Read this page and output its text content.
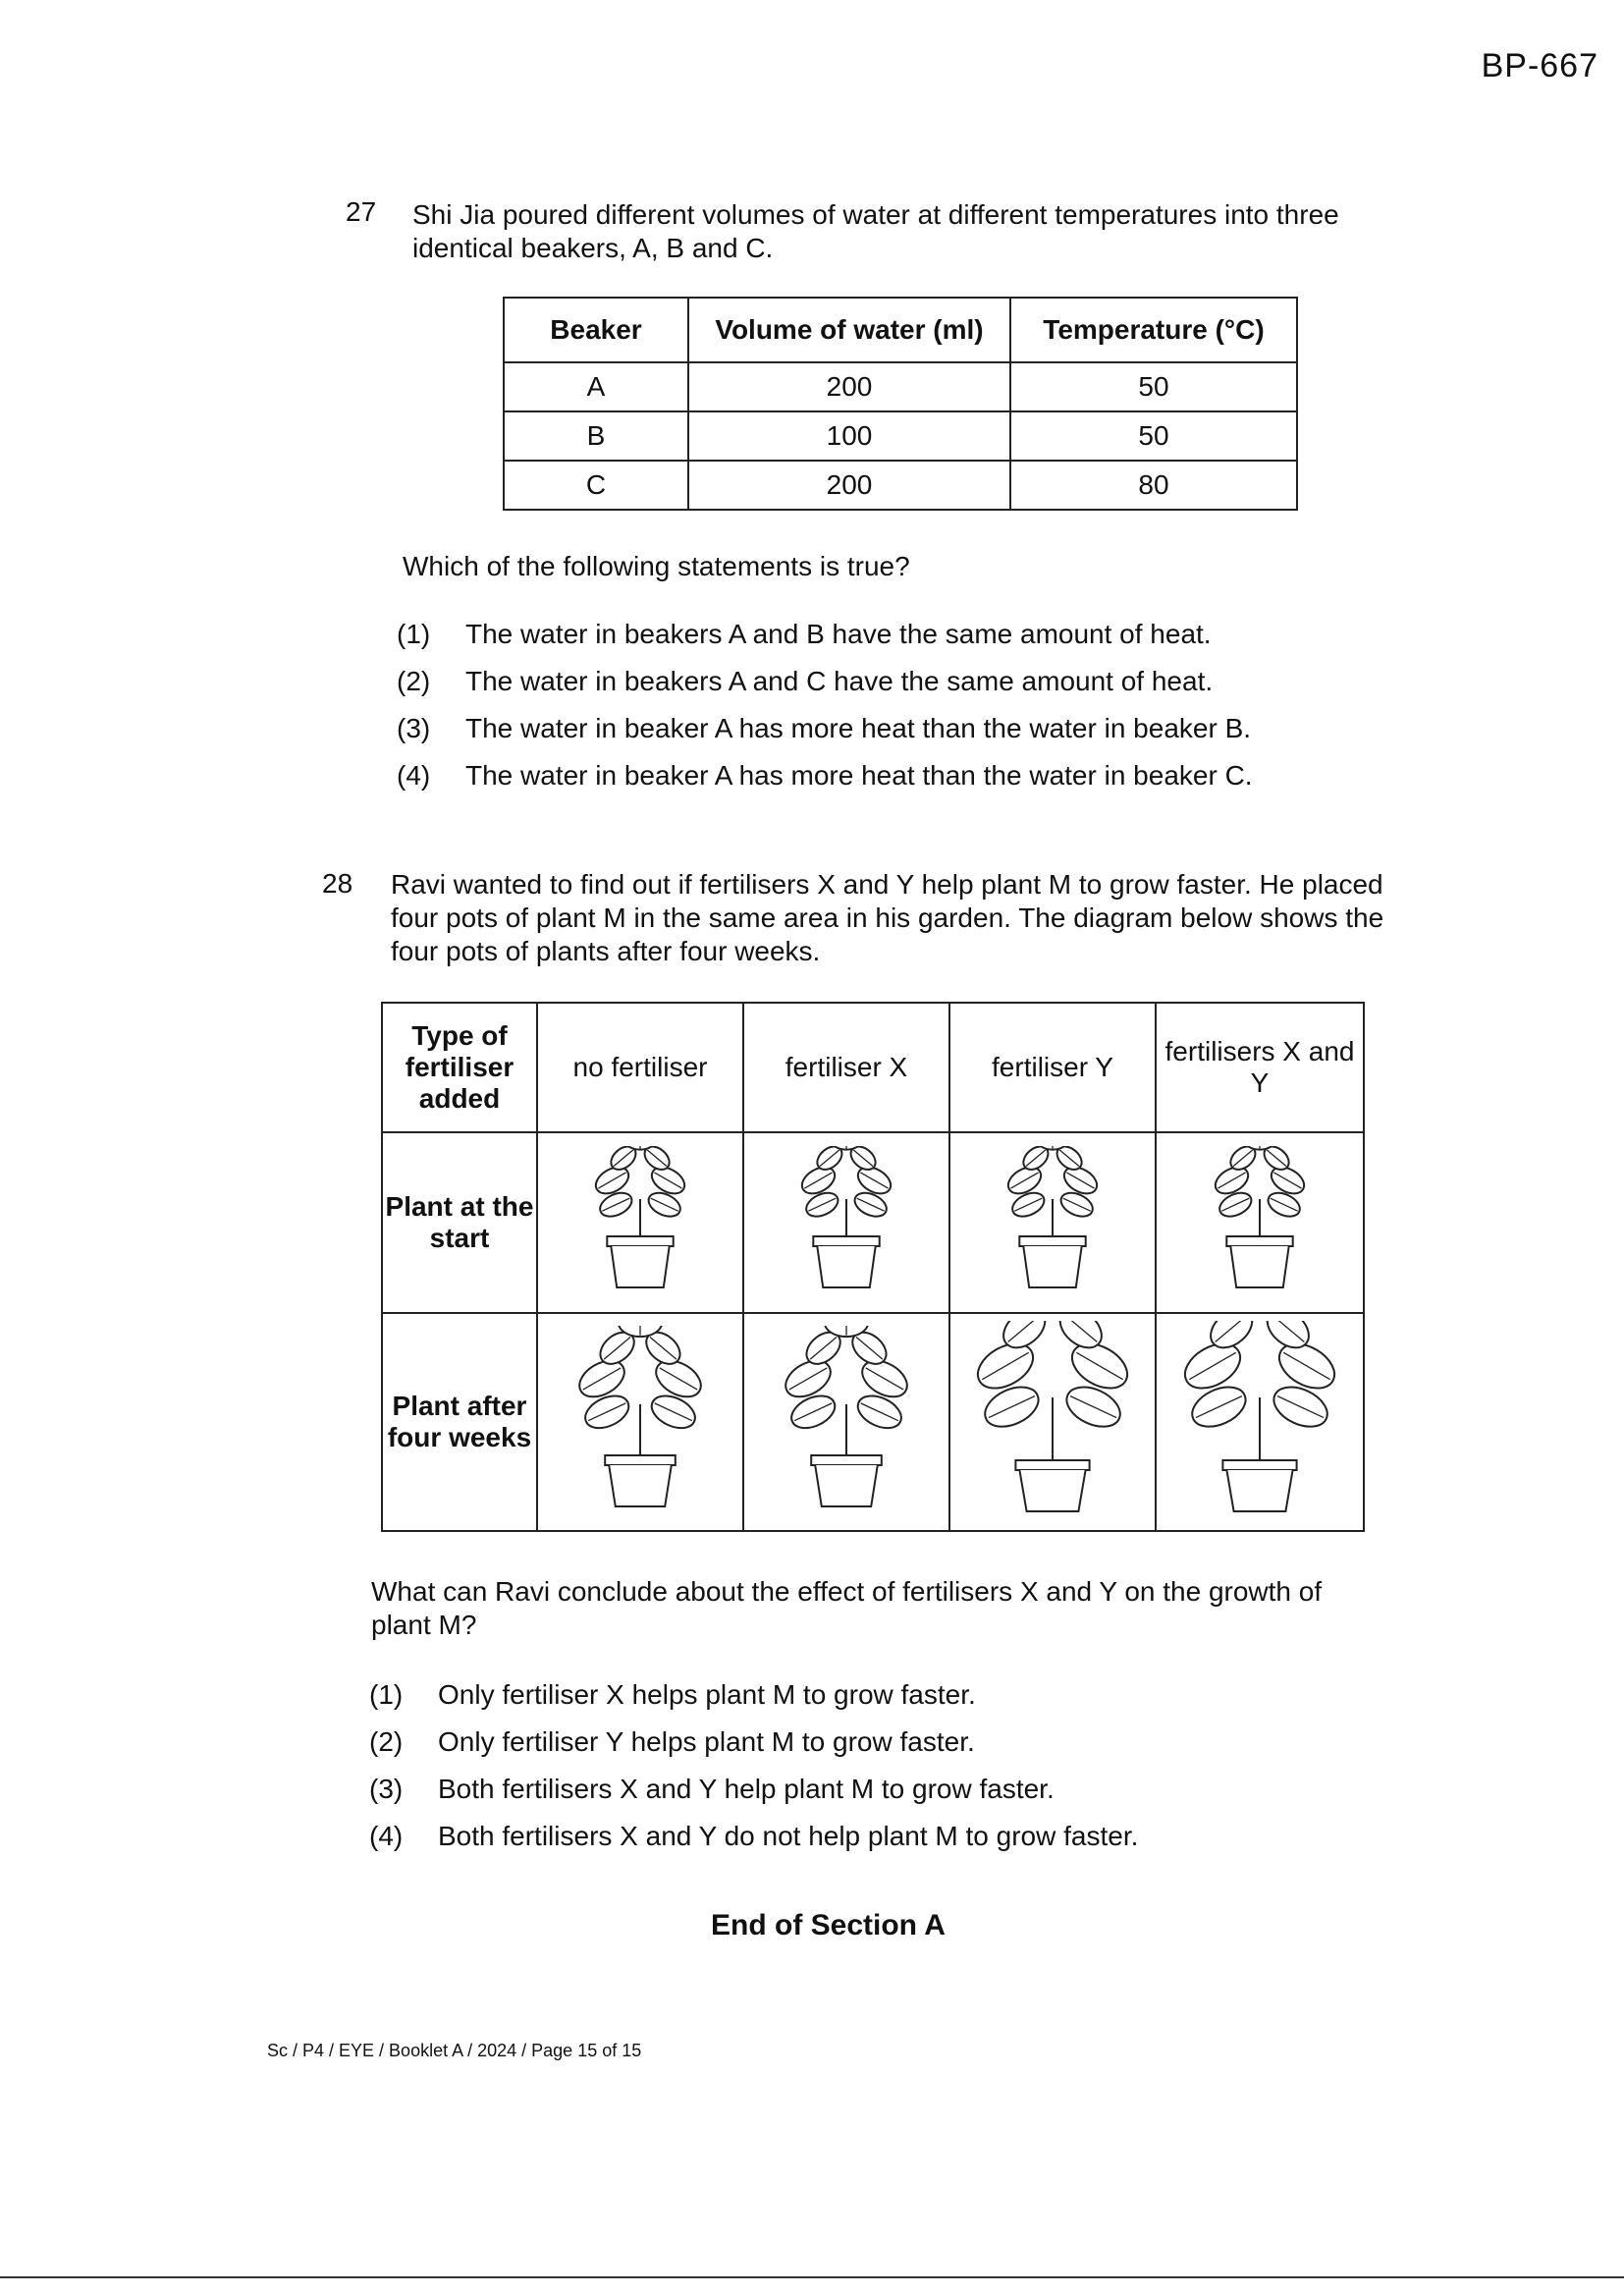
BP-667
27 Shi Jia poured different volumes of water at different temperatures into three identical beakers, A, B and C.
Beaker	Volume of water (ml)	Temperature (°C)
A	200	50
B	100	50
C	200	80
Which of the following statements is true?
(1)	The water in beakers A and B have the same amount of heat.
(2)	The water in beakers A and C have the same amount of heat.
(3)	The water in beaker A has more heat than the water in beaker B.
(4)	The water in beaker A has more heat than the water in beaker C.
28 Ravi wanted to find out if fertilisers X and Y help plant M to grow faster. He placed four pots of plant M in the same area in his garden. The diagram below shows the four pots of plants after four weeks.
Type of fertiliser added	no fertiliser	fertiliser X	fertiliser Y	fertilisers X and Y
Plant at the start				
Plant after four weeks				
What can Ravi conclude about the effect of fertilisers X and Y on the growth of plant M?
(1)	Only fertiliser X helps plant M to grow faster.
(2)	Only fertiliser Y helps plant M to grow faster.
(3)	Both fertilisers X and Y help plant M to grow faster.
(4)	Both fertilisers X and Y do not help plant M to grow faster.
End of Section A
Sc / P4 / EYE / Booklet A / 2024 / Page 15 of 15
